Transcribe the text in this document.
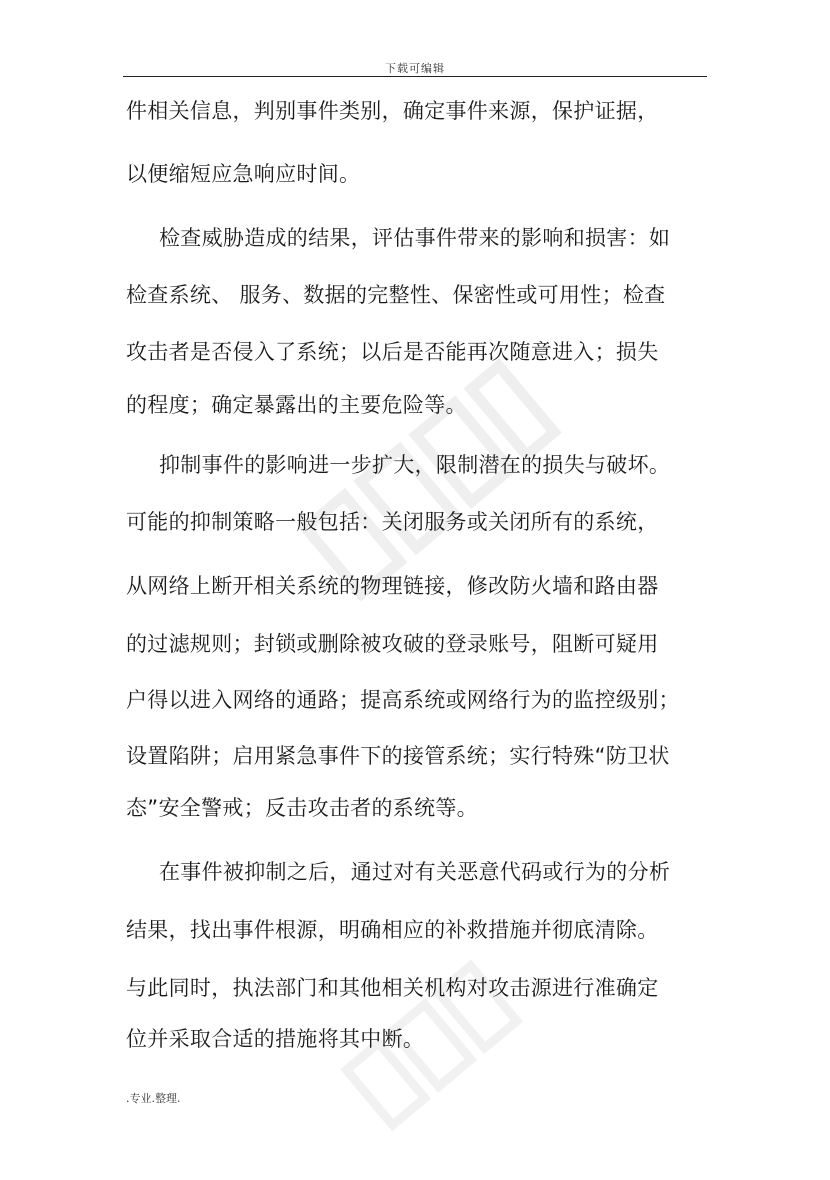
下载可编辑
件相关信息，判别事件类别，确定事件来源，保护证据，
以便缩短应急响应时间。
检查威胁造成的结果，评估事件带来的影响和损害：如
检查系统、 服务、数据的完整性、保密性或可用性；检查
攻击者是否侵入了系统；以后是否能再次随意进入；损失
的程度；确定暴露出的主要危险等。
抑制事件的影响进一步扩大，限制潜在的损失与破坏。
可能的抑制策略一般包括：关闭服务或关闭所有的系统，
从网络上断开相关系统的物理链接，修改防火墙和路由器
的过滤规则；封锁或删除被攻破的登录账号，阻断可疑用
户得以进入网络的通路；提高系统或网络行为的监控级别；
设置陷阱；启用紧急事件下的接管系统；实行特殊“防卫状
态”安全警戒；反击攻击者的系统等。
在事件被抑制之后，通过对有关恶意代码或行为的分析
结果，找出事件根源，明确相应的补救措施并彻底清除。
与此同时，执法部门和其他相关机构对攻击源进行准确定
位并采取合适的措施将其中断。
.专业.整理.
